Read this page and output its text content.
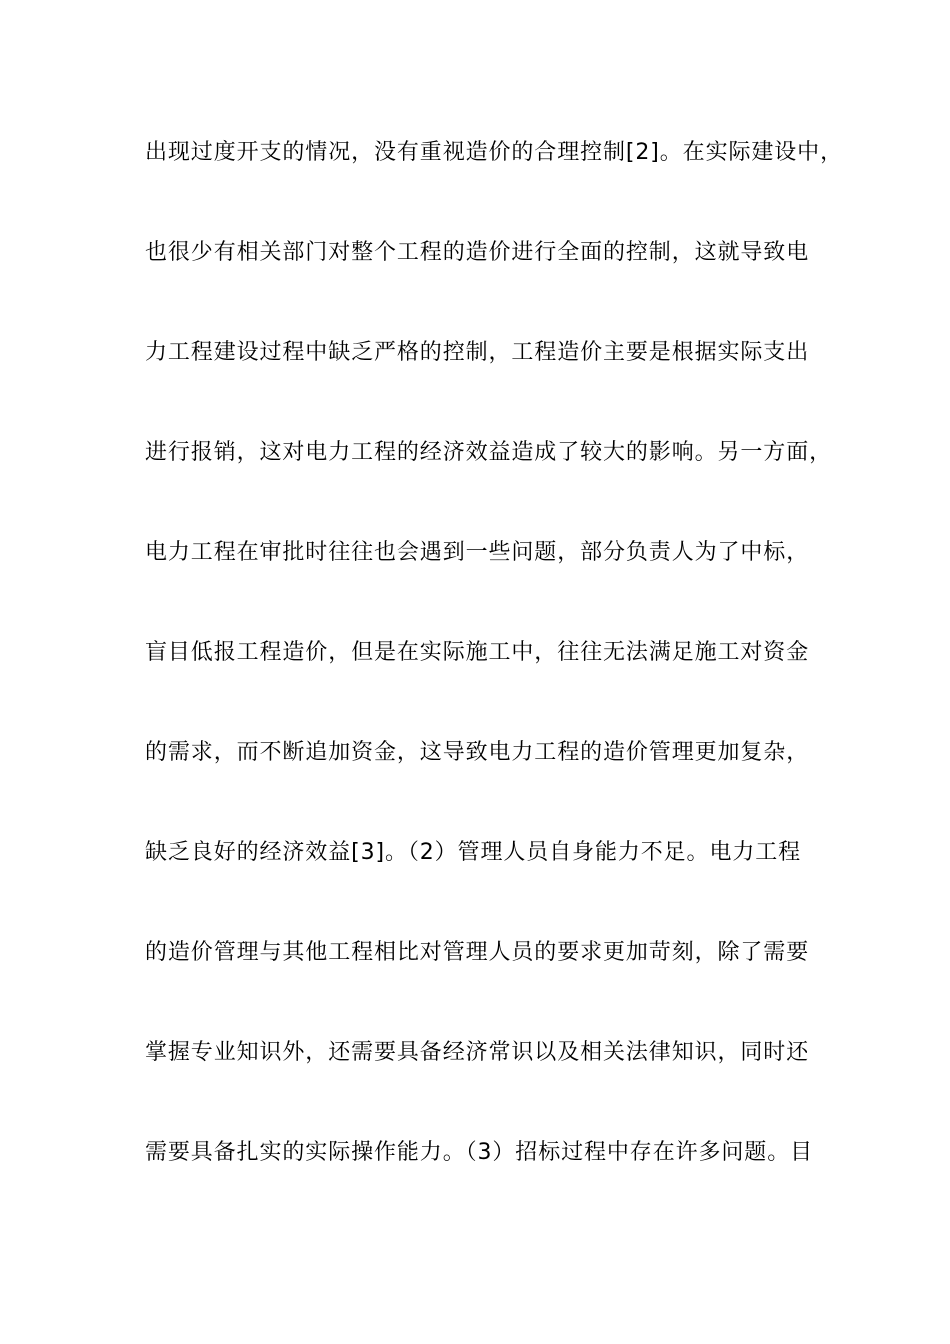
出现过度开支的情况，没有重视造价的合理控制[2]。在实际建设中，
也很少有相关部门对整个工程的造价进行全面的控制，这就导致电
力工程建设过程中缺乏严格的控制，工程造价主要是根据实际支出
进行报销，这对电力工程的经济效益造成了较大的影响。另一方面，
电力工程在审批时往往也会遇到一些问题，部分负责人为了中标，
盲目低报工程造价，但是在实际施工中，往往无法满足施工对资金
的需求，而不断追加资金，这导致电力工程的造价管理更加复杂，
缺乏良好的经济效益[3]。（2）管理人员自身能力不足。电力工程
的造价管理与其他工程相比对管理人员的要求更加苛刻，除了需要
掌握专业知识外，还需要具备经济常识以及相关法律知识，同时还
需要具备扎实的实际操作能力。（3）招标过程中存在许多问题。目
